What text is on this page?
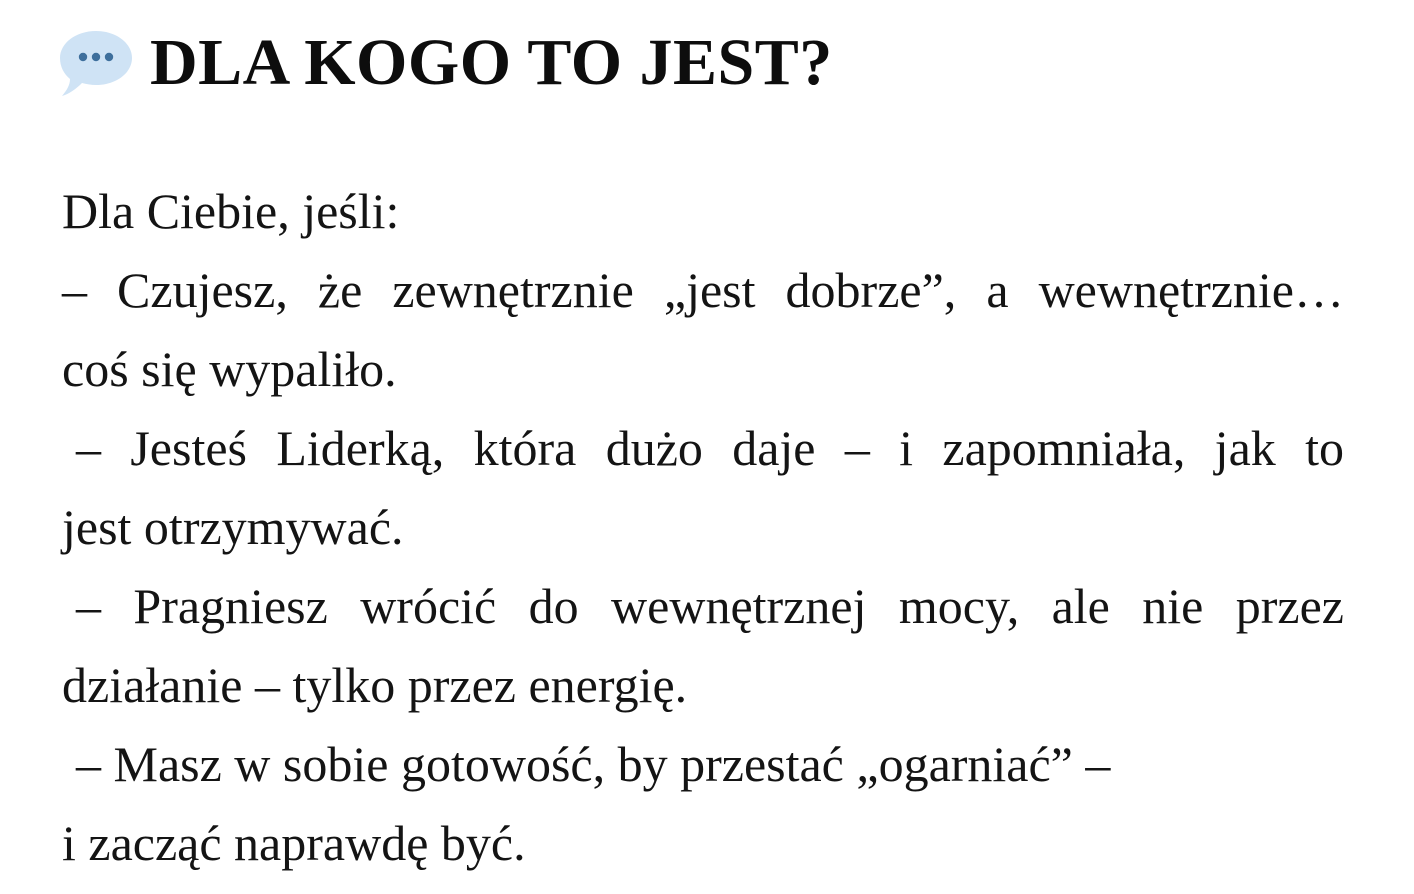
DLA KOGO TO JEST?
Dla Ciebie, jeśli:
– Czujesz, że zewnętrznie „jest dobrze”, a wewnętrznie…
coś się wypaliło.
– Jesteś Liderką, która dużo daje – i zapomniała, jak to
jest otrzymywać.
– Pragniesz wrócić do wewnętrznej mocy, ale nie przez
działanie – tylko przez energię.
– Masz w sobie gotowość, by przestać „ogarniać” –
i zacząć naprawdę być.
